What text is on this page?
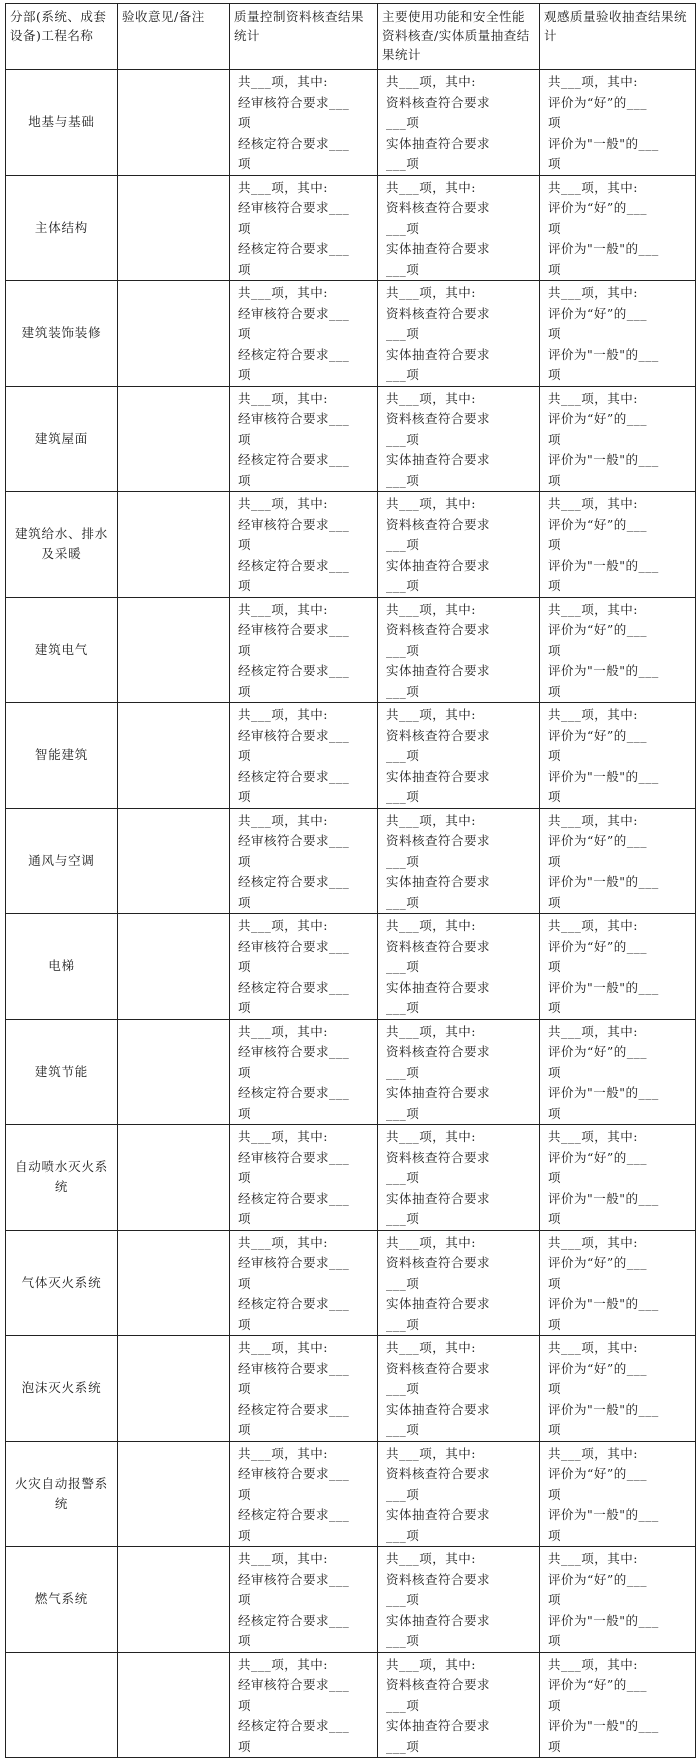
分部(系统、成套设备)工程名称	验收意见/备注	质量控制资料核查结果统计	主要使用功能和安全性能资料核查/实体质量抽查结果统计	观感质量验收抽查结果统计
地基与基础		共___项，其中:
经审核符合要求___
项
经核定符合要求___
项	共___项，其中:
资料核查符合要求
___项
实体抽查符合要求
___项	共___项，其中:
评价为“好”的___
项
评价为"一般"的___
项

主体结构		共___项，其中:
经审核符合要求___
项
经核定符合要求___
项	共___项，其中:
资料核查符合要求
___项
实体抽查符合要求
___项	共___项，其中:
评价为“好”的___
项
评价为"一般"的___
项

建筑装饰装修		共___项，其中:
经审核符合要求___
项
经核定符合要求___
项	共___项，其中:
资料核查符合要求
___项
实体抽查符合要求
___项	共___项，其中:
评价为“好”的___
项
评价为"一般"的___
项

建筑屋面		共___项，其中:
经审核符合要求___
项
经核定符合要求___
项	共___项，其中:
资料核查符合要求
___项
实体抽查符合要求
___项	共___项，其中:
评价为“好”的___
项
评价为"一般"的___
项

建筑给水、排水及采暖		共___项，其中:
经审核符合要求___
项
经核定符合要求___
项	共___项，其中:
资料核查符合要求
___项
实体抽查符合要求
___项	共___项，其中:
评价为“好”的___
项
评价为"一般"的___
项

建筑电气		共___项，其中:
经审核符合要求___
项
经核定符合要求___
项	共___项，其中:
资料核查符合要求
___项
实体抽查符合要求
___项	共___项，其中:
评价为“好”的___
项
评价为"一般"的___
项

智能建筑		共___项，其中:
经审核符合要求___
项
经核定符合要求___
项	共___项，其中:
资料核查符合要求
___项
实体抽查符合要求
___项	共___项，其中:
评价为“好”的___
项
评价为"一般"的___
项

通风与空调		共___项，其中:
经审核符合要求___
项
经核定符合要求___
项	共___项，其中:
资料核查符合要求
___项
实体抽查符合要求
___项	共___项，其中:
评价为“好”的___
项
评价为"一般"的___
项

电梯		共___项，其中:
经审核符合要求___
项
经核定符合要求___
项	共___项，其中:
资料核查符合要求
___项
实体抽查符合要求
___项	共___项，其中:
评价为“好”的___
项
评价为"一般"的___
项

建筑节能		共___项，其中:
经审核符合要求___
项
经核定符合要求___
项	共___项，其中:
资料核查符合要求
___项
实体抽查符合要求
___项	共___项，其中:
评价为“好”的___
项
评价为"一般"的___
项

自动喷水灭火系统		共___项，其中:
经审核符合要求___
项
经核定符合要求___
项	共___项，其中:
资料核查符合要求
___项
实体抽查符合要求
___项	共___项，其中:
评价为“好”的___
项
评价为"一般"的___
项

气体灭火系统		共___项，其中:
经审核符合要求___
项
经核定符合要求___
项	共___项，其中:
资料核查符合要求
___项
实体抽查符合要求
___项	共___项，其中:
评价为“好”的___
项
评价为"一般"的___
项

泡沫灭火系统		共___项，其中:
经审核符合要求___
项
经核定符合要求___
项	共___项，其中:
资料核查符合要求
___项
实体抽查符合要求
___项	共___项，其中:
评价为“好”的___
项
评价为"一般"的___
项

火灾自动报警系统		共___项，其中:
经审核符合要求___
项
经核定符合要求___
项	共___项，其中:
资料核查符合要求
___项
实体抽查符合要求
___项	共___项，其中:
评价为“好”的___
项
评价为"一般"的___
项

燃气系统		共___项，其中:
经审核符合要求___
项
经核定符合要求___
项	共___项，其中:
资料核查符合要求
___项
实体抽查符合要求
___项	共___项，其中:
评价为“好”的___
项
评价为"一般"的___
项

		共___项，其中:
经审核符合要求___
项
经核定符合要求___
项	共___项，其中:
资料核查符合要求
___项
实体抽查符合要求
___项	共___项，其中:
评价为“好”的___
项
评价为"一般"的___
项
